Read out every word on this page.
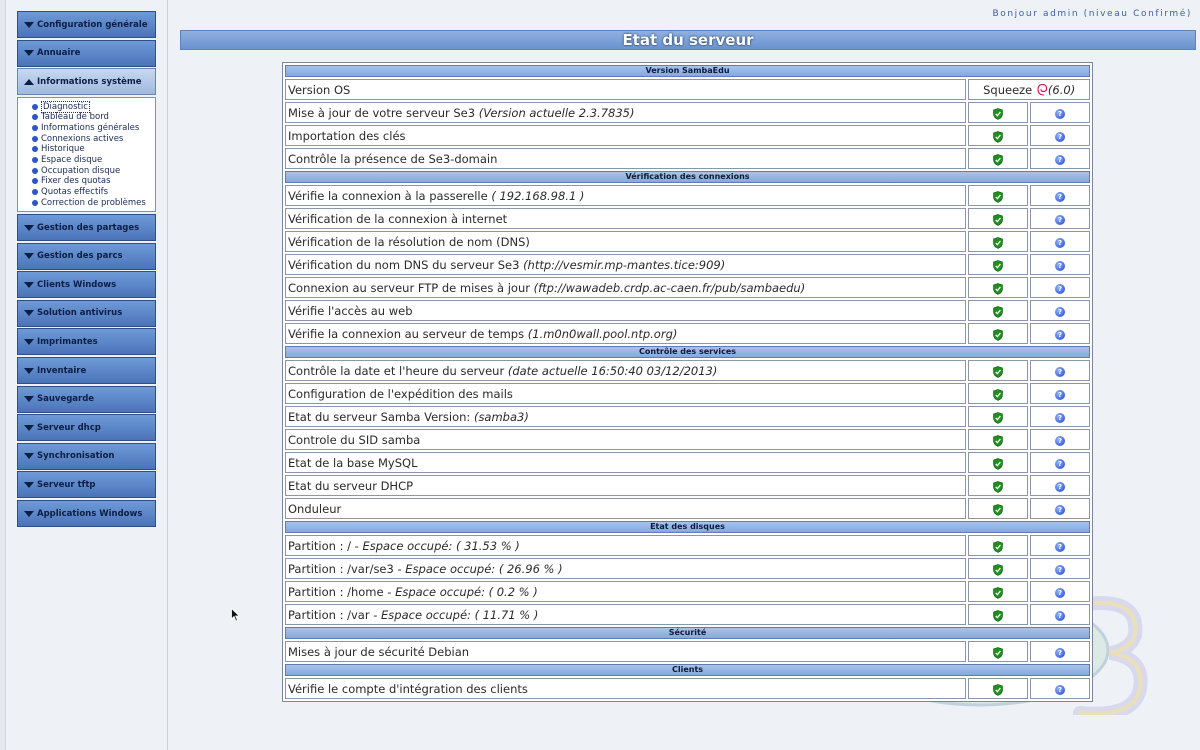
Configuration générale
Annuaire
Informations système
Diagnostic
Tableau de bord
Informations générales
Connexions actives
Historique
Espace disque
Occupation disque
Fixer des quotas
Quotas effectifs
Correction de problèmes
Gestion des partages
Gestion des parcs
Clients Windows
Solution antivirus
Imprimantes
Inventaire
Sauvegarde
Serveur dhcp
Synchronisation
Serveur tftp
Applications Windows
Bonjour admin (niveau Confirmé)
Etat du serveur
Version SambaEdu		
Version OS	Squeeze (6.0)	
Mise à jour de votre serveur Se3 (Version actuelle 2.3.7835)		?
Importation des clés		?
Contrôle la présence de Se3-domain		?
Vérification des connexions		
Vérifie la connexion à la passerelle ( 192.168.98.1 )		?
Vérification de la connexion à internet		?
Vérification de la résolution de nom (DNS)		?
Vérification du nom DNS du serveur Se3 (http://vesmir.mp-mantes.tice:909)		?
Connexion au serveur FTP de mises à jour (ftp://wawadeb.crdp.ac-caen.fr/pub/sambaedu)		?
Vérifie l'accès au web		?
Vérifie la connexion au serveur de temps (1.m0n0wall.pool.ntp.org)		?
Contrôle des services		
Contrôle la date et l'heure du serveur (date actuelle 16:50:40 03/12/2013)		?
Configuration de l'expédition des mails		?
Etat du serveur Samba Version: (samba3)		?
Controle du SID samba		?
Etat de la base MySQL		?
Etat du serveur DHCP		?
Onduleur		?
Etat des disques		
Partition : / - Espace occupé: ( 31.53 % )		?
Partition : /var/se3 - Espace occupé: ( 26.96 % )		?
Partition : /home - Espace occupé: ( 0.2 % )		?
Partition : /var - Espace occupé: ( 11.71 % )		?
Sécurité		
Mises à jour de sécurité Debian		?
Clients		
Vérifie le compte d'intégration des clients		?
